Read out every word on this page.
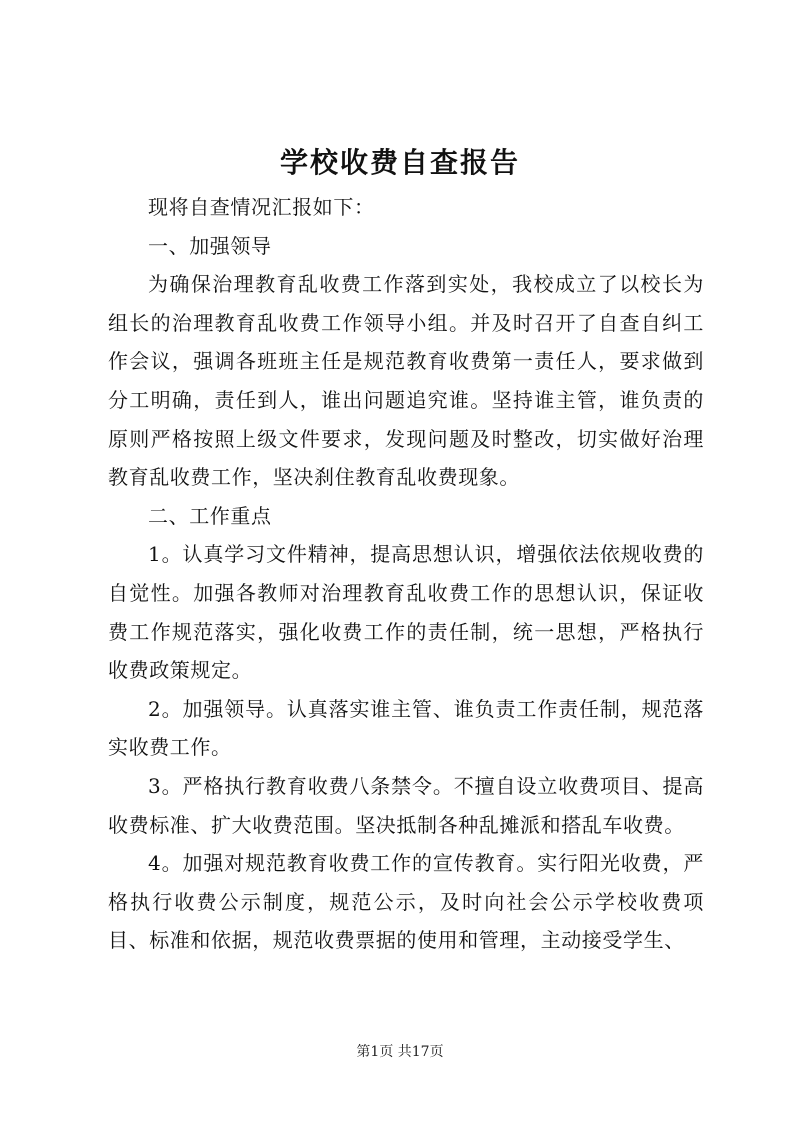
学校收费自查报告

现将自查情况汇报如下：

一、加强领导

为确保治理教育乱收费工作落到实处，我校成立了以校长为组长的治理教育乱收费工作领导小组。并及时召开了自查自纠工作会议，强调各班班主任是规范教育收费第一责任人，要求做到分工明确，责任到人，谁出问题追究谁。坚持谁主管，谁负责的原则严格按照上级文件要求，发现问题及时整改，切实做好治理教育乱收费工作，坚决刹住教育乱收费现象。

二、工作重点

1。认真学习文件精神，提高思想认识，增强依法依规收费的自觉性。加强各教师对治理教育乱收费工作的思想认识，保证收费工作规范落实，强化收费工作的责任制，统一思想，严格执行收费政策规定。

2。加强领导。认真落实谁主管、谁负责工作责任制，规范落实收费工作。

3。严格执行教育收费八条禁令。不擅自设立收费项目、提高收费标准、扩大收费范围。坚决抵制各种乱摊派和搭乱车收费。

4。加强对规范教育收费工作的宣传教育。实行阳光收费，严格执行收费公示制度，规范公示，及时向社会公示学校收费项目、标准和依据，规范收费票据的使用和管理，主动接受学生、

第1页 共17页
